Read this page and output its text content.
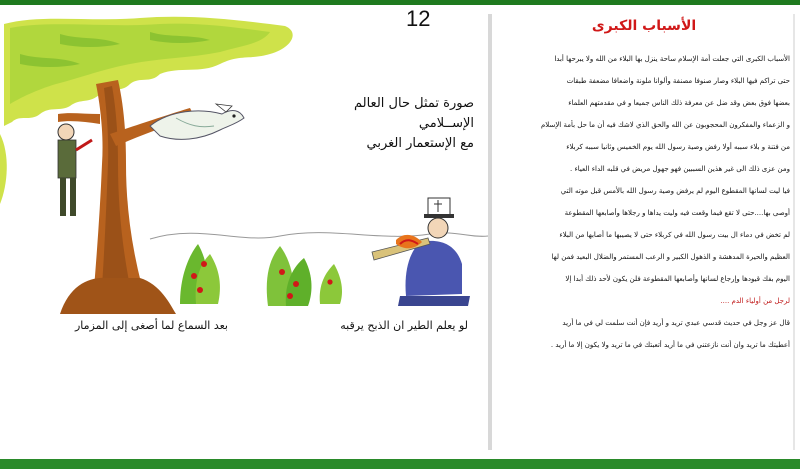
12
صورة تمثل حال العالم
الإســلامي
مع الإستعمار الغربي
لو يعلم الطير ان الذبح يرقبه
بعد السماع لما أصغى إلى المزمار
الأسباب الكبرى
الأسباب الكبرى التي جعلت أمة الإسلام ساحة ينزل بها البلاء من الله ولا يبرحها أبدا
حتى تراكم فيها البلاء وصار صنوفا مصنفة وألوانا ملونة واضعافا مضعفة طبقات
بعضها فوق بعض وقد ضل عن معرفة ذلك الناس جميعا و في مقدمتهم العلماء
و الزعماء والمفكرون المحجوبون عن الله والحق الذي لاشك فيه أن ما حل بأمة الإسلام
من فتنة و بلاء سببه أولا رفض وصية رسول الله يوم الخميس وثانيا سببه كربلاء
ومن عزى ذلك الى غير هذين السببين فهو جهول مريض في قلبه الداء العياء .
فيا ليت لسانها المقطوع اليوم لم يرفض وصية رسول الله بالأمس قبل موته التي
أوصى بها....حتى لا تقع فيما وقعت فيه وليت يداها و رجلاها وأصابعها المقطوعة
لم تخض في دماء ال بيت رسول الله في كربلاء حتى لا يصيبها ما أصابها من البلاء
العظيم والحيرة المدهشة و الذهول الكبير و الرعب المستمر والضلال البعيد فمن لها
اليوم بفك قيودها وإرجاع لسانها وأصابعها المقطوعة فلن يكون لأحد ذلك أبدا إلا
لرجل من أولياء الدم ....
قال عز وجل في حديث قدسي عبدي تريد و أريد فإن أنت سلمت لي في ما أريد
أعطيتك ما تريد وان أنت نازعتني في ما أريد أتعبتك في ما تريد ولا يكون إلا ما أريد .
